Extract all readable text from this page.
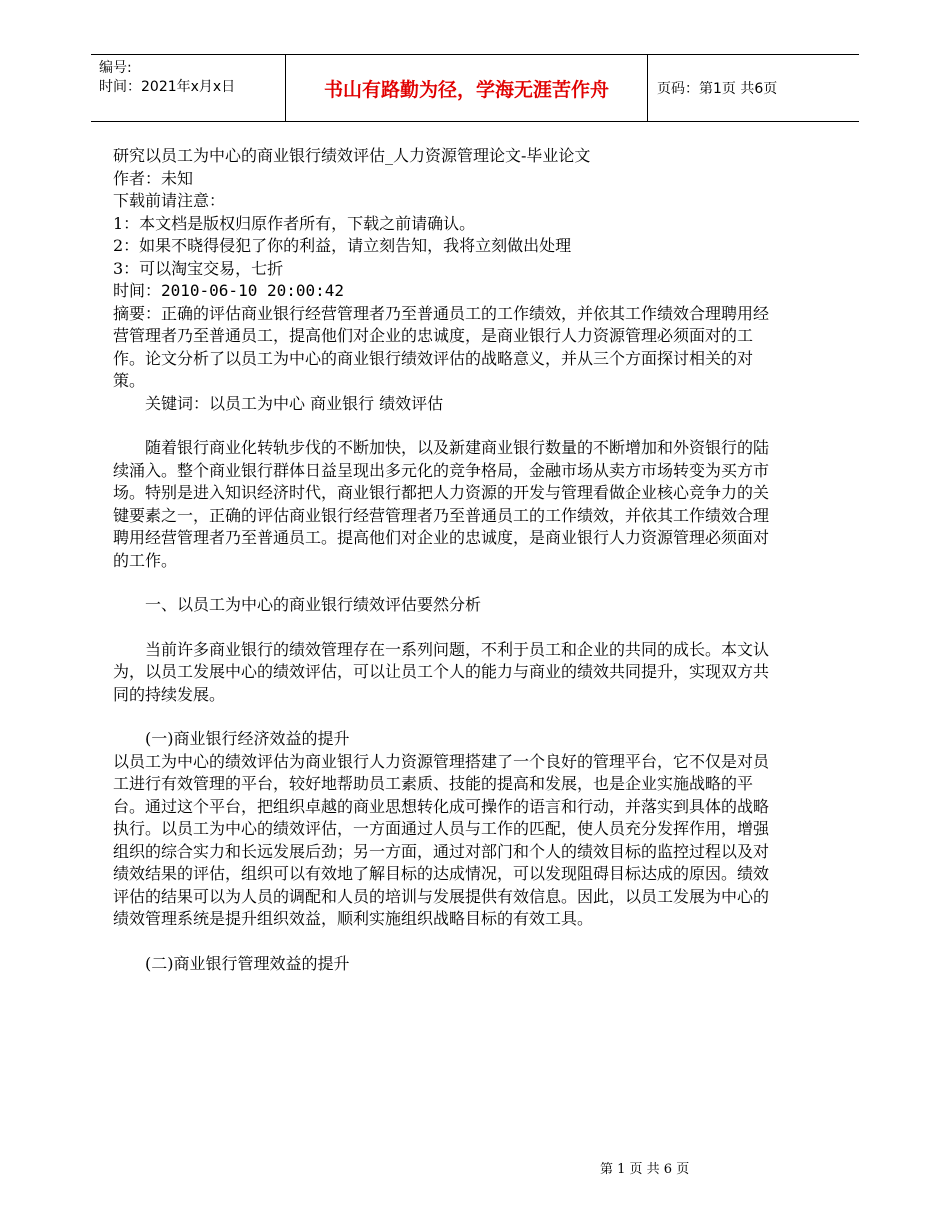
编号:
时间：2021年x月x日	书山有路勤为径，学海无涯苦作舟	页码：第1页 共6页

研究以员工为中心的商业银行绩效评估_人力资源管理论文-毕业论文

作者：未知

下载前请注意：

1：本文档是版权归原作者所有，下载之前请确认。

2：如果不晓得侵犯了你的利益，请立刻告知，我将立刻做出处理

3：可以淘宝交易，七折

时间：2010-06-10 20:00:42

摘要：正确的评估商业银行经营管理者乃至普通员工的工作绩效，并依其工作绩效合理聘用经营管理者乃至普通员工，提高他们对企业的忠诚度，是商业银行人力资源管理必须面对的工作。论文分析了以员工为中心的商业银行绩效评估的战略意义，并从三个方面探讨相关的对策。

关键词：以员工为中心 商业银行 绩效评估

随着银行商业化转轨步伐的不断加快，以及新建商业银行数量的不断增加和外资银行的陆续涌入。整个商业银行群体日益呈现出多元化的竞争格局，金融市场从卖方市场转变为买方市场。特别是进入知识经济时代，商业银行都把人力资源的开发与管理看做企业核心竞争力的关键要素之一，正确的评估商业银行经营管理者乃至普通员工的工作绩效，并依其工作绩效合理聘用经营管理者乃至普通员工。提高他们对企业的忠诚度，是商业银行人力资源管理必须面对的工作。

一、以员工为中心的商业银行绩效评估要然分析

当前许多商业银行的绩效管理存在一系列问题，不利于员工和企业的共同的成长。本文认为，以员工发展中心的绩效评估，可以让员工个人的能力与商业的绩效共同提升，实现双方共同的持续发展。

(一)商业银行经济效益的提升

以员工为中心的绩效评估为商业银行人力资源管理搭建了一个良好的管理平台，它不仅是对员工进行有效管理的平台，较好地帮助员工素质、技能的提高和发展，也是企业实施战略的平台。通过这个平台，把组织卓越的商业思想转化成可操作的语言和行动，并落实到具体的战略执行。以员工为中心的绩效评估，一方面通过人员与工作的匹配，使人员充分发挥作用，增强组织的综合实力和长远发展后劲；另一方面，通过对部门和个人的绩效目标的监控过程以及对绩效结果的评估，组织可以有效地了解目标的达成情况，可以发现阻碍目标达成的原因。绩效评估的结果可以为人员的调配和人员的培训与发展提供有效信息。因此，以员工发展为中心的绩效管理系统是提升组织效益，顺利实施组织战略目标的有效工具。

(二)商业银行管理效益的提升

第 1 页 共 6 页
